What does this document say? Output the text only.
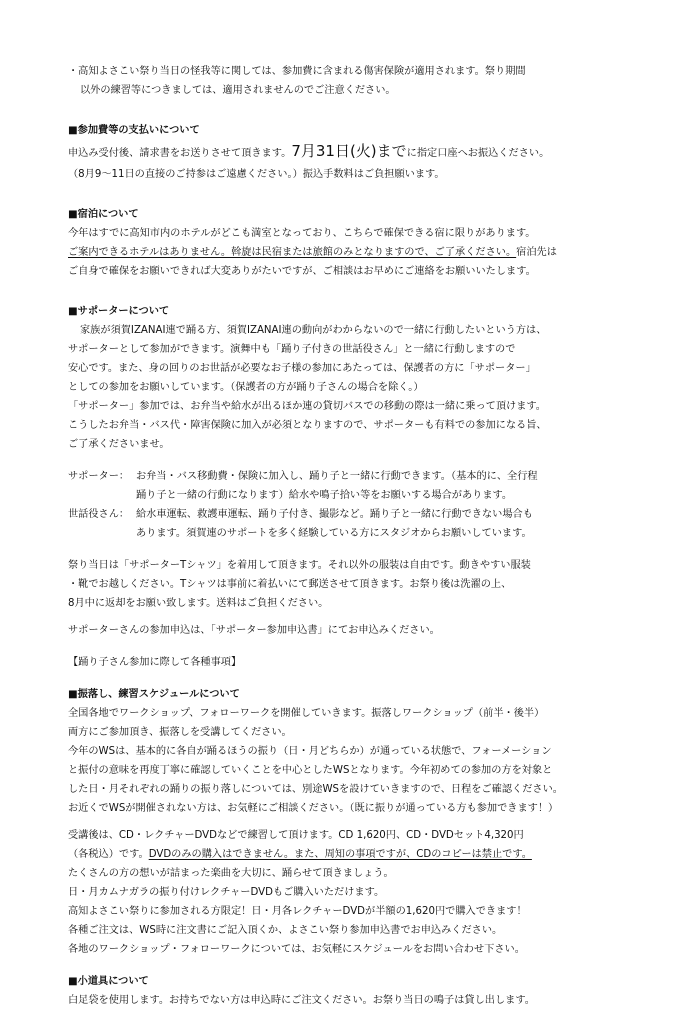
・高知よさこい祭り当日の怪我等に関しては、参加費に含まれる傷害保険が適用されます。祭り期間
以外の練習等につきましては、適用されませんのでご注意ください。
■参加費等の支払いについて
申込み受付後、請求書をお送りさせて頂きます。7月31日(火)までに指定口座へお振込ください。
（8月9～11日の直接のご持参はご遠慮ください。）振込手数料はご負担願います。
■宿泊について
今年はすでに高知市内のホテルがどこも満室となっており、こちらで確保できる宿に限りがあります。
ご案内できるホテルはありません。斡旋は民宿または旅館のみとなりますので、ご了承ください。宿泊先は
ご自身で確保をお願いできれば大変ありがたいですが、ご相談はお早めにご連絡をお願いいたします。
■サポーターについて
家族が須賀IZANAI連で踊る方、須賀IZANAI連の動向がわからないので一緒に行動したいという方は、
サポーターとして参加ができます。演舞中も「踊り子付きの世話役さん」と一緒に行動しますので
安心です。また、身の回りのお世話が必要なお子様の参加にあたっては、保護者の方に「サポーター」
としての参加をお願いしています。（保護者の方が踊り子さんの場合を除く。）
「サポーター」参加では、お弁当や給水が出るほか連の貸切バスでの移動の際は一緒に乗って頂けます。
こうしたお弁当・バス代・障害保険に加入が必須となりますので、サポーターも有料での参加になる旨、
ご了承くださいませ。
サポーター： お弁当・バス移動費・保険に加入し、踊り子と一緒に行動できます。（基本的に、全行程
踊り子と一緒の行動になります）給水や鳴子拾い等をお願いする場合があります。
世話役さん： 給水車運転、救護車運転、踊り子付き、撮影など。踊り子と一緒に行動できない場合も
あります。須賀連のサポートを多く経験している方にスタジオからお願いしています。
祭り当日は「サポーターTシャツ」を着用して頂きます。それ以外の服装は自由です。動きやすい服装
・靴でお越しください。Tシャツは事前に着払いにて郵送させて頂きます。お祭り後は洗濯の上、
8月中に返却をお願い致します。送料はご負担ください。
サポーターさんの参加申込は、「サポーター参加申込書」にてお申込みください。
【踊り子さん参加に際して各種事項】
■振落し、練習スケジュールについて
全国各地でワークショップ、フォローワークを開催していきます。振落しワークショップ（前半・後半）
両方にご参加頂き、振落しを受講してください。
今年のWSは、基本的に各自が踊るほうの振り（日・月どちらか）が通っている状態で、フォーメーション
と振付の意味を再度丁寧に確認していくことを中心としたWSとなります。今年初めての参加の方を対象と
した日・月それぞれの踊りの振り落しについては、別途WSを設けていきますので、日程をご確認ください。
お近くでWSが開催されない方は、お気軽にご相談ください。（既に振りが通っている方も参加できます！）
受講後は、CD・レクチャーDVDなどで練習して頂けます。CD 1,620円、CD・DVDセット4,320円
（各税込）です。DVDのみの購入はできません。また、周知の事項ですが、CDのコピーは禁止です。
たくさんの方の想いが詰まった楽曲を大切に、踊らせて頂きましょう。
日・月カムナガラの振り付けレクチャーDVDもご購入いただけます。
高知よさこい祭りに参加される方限定！日・月各レクチャーDVDが半額の1,620円で購入できます！
各種ご注文は、WS時に注文書にご記入頂くか、よさこい祭り参加申込書でお申込みください。
各地のワークショップ・フォローワークについては、お気軽にスケジュールをお問い合わせ下さい。
■小道具について
白足袋を使用します。お持ちでない方は申込時にご注文ください。お祭り当日の鳴子は貸し出します。
